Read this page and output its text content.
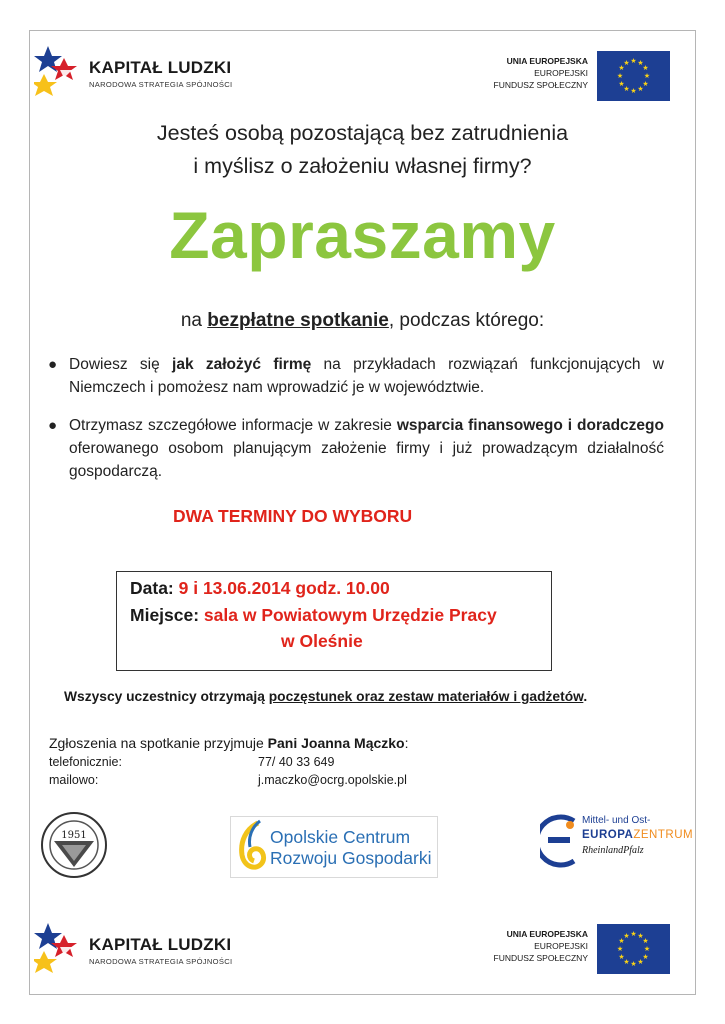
KAPITAŁ LUDZKI
NARODOWA STRATEGIA SPÓJNOŚCI
UNIA EUROPEJSKA
EUROPEJSKI
FUNDUSZ SPOŁECZNY
★ ★
★
★
★
★
★
★
★
★
★
★
Jesteś osobą pozostającą bez zatrudnienia
i myślisz o założeniu własnej firmy?
Zapraszamy
na bezpłatne spotkanie, podczas którego:
● Dowiesz się jak założyć firmę na przykładach rozwiązań funkcjonujących w Niemczech i pomożesz nam wprowadzić je w województwie.
● Otrzymasz szczegółowe informacje w zakresie wsparcia finansowego i doradczego oferowanego osobom planującym założenie firmy i już prowadzącym działalność gospodarczą.
DWA TERMINY DO WYBORU
Data: 9 i 13.06.2014 godz. 10.00
Miejsce: sala w Powiatowym Urzędzie Pracy
w Oleśnie
Wszyscy uczestnicy otrzymają poczęstunek oraz zestaw materiałów i gadżetów.
Zgłoszenia na spotkanie przyjmuje Pani Joanna Mączko:
telefonicznie:	77/ 40 33 649
mailowo:	j.maczko@ocrg.opolskie.pl
1951	Opolskie Centrum
Rozwoju Gospodarki
Mittel- und Ost-
EUROPAZENTRUM
RheinlandPfalz
KAPITAŁ LUDZKI
NARODOWA STRATEGIA SPÓJNOŚCI
UNIA EUROPEJSKA
EUROPEJSKI
FUNDUSZ SPOŁECZNY
★ ★
★
★
★
★
★
★
★
★
★
★
